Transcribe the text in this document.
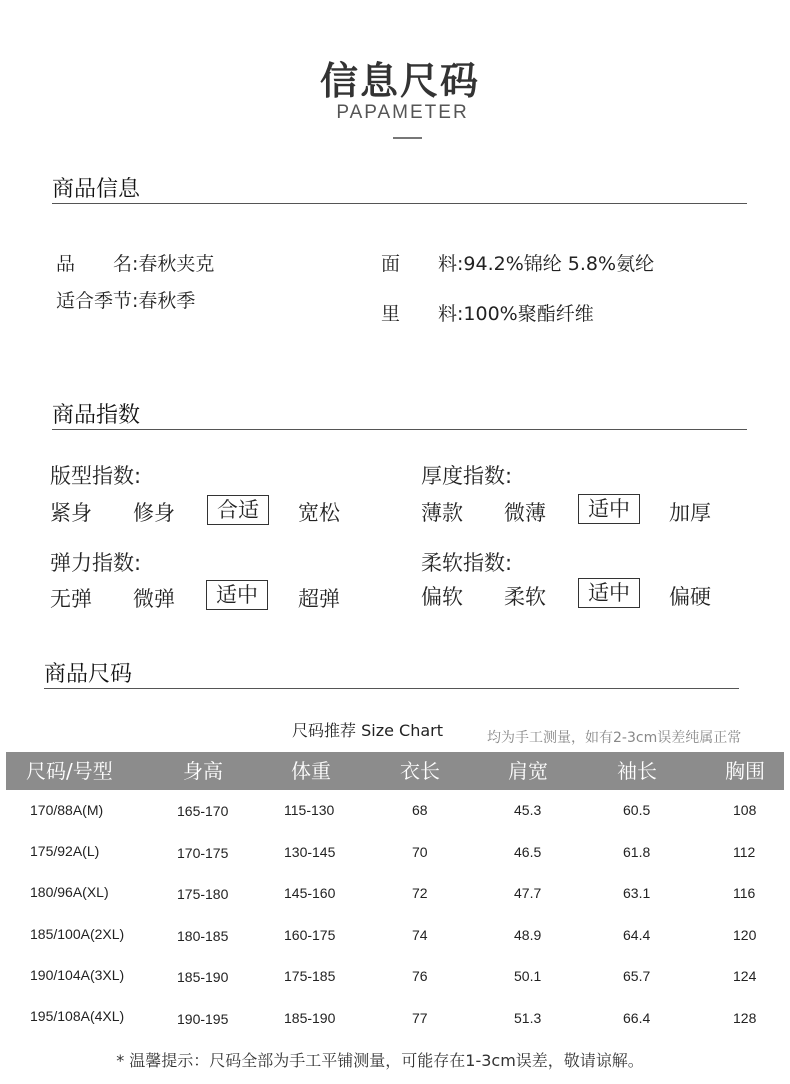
信息尺码
PAPAMETER
商品信息
品　　名:春秋夹克
适合季节:春秋季
面　　料:94.2%锦纶 5.8%氨纶
里　　料:100%聚酯纤维
商品指数
版型指数:
紧身 修身	合适	宽松
厚度指数:
薄款 微薄	适中	加厚
弹力指数:
无弹 微弹	适中	超弹
柔软指数:
偏软 柔软	适中	偏硬
商品尺码
尺码推荐 Size Chart	均为手工测量，如有2-3cm误差纯属正常
尺码/号型	身高	体重	衣长	肩宽	袖长	胸围
170/88A(M)	165-170	115-130	68	45.3	60.5	108
175/92A(L)	170-175	130-145	70	46.5	61.8	112
180/96A(XL)	175-180	145-160	72	47.7	63.1	116
185/100A(2XL)	180-185	160-175	74	48.9	64.4	120
190/104A(3XL)	185-190	175-185	76	50.1	65.7	124
195/108A(4XL)	190-195	185-190	77	51.3	66.4	128
* 温馨提示：尺码全部为手工平铺测量，可能存在1-3cm误差，敬请谅解。
